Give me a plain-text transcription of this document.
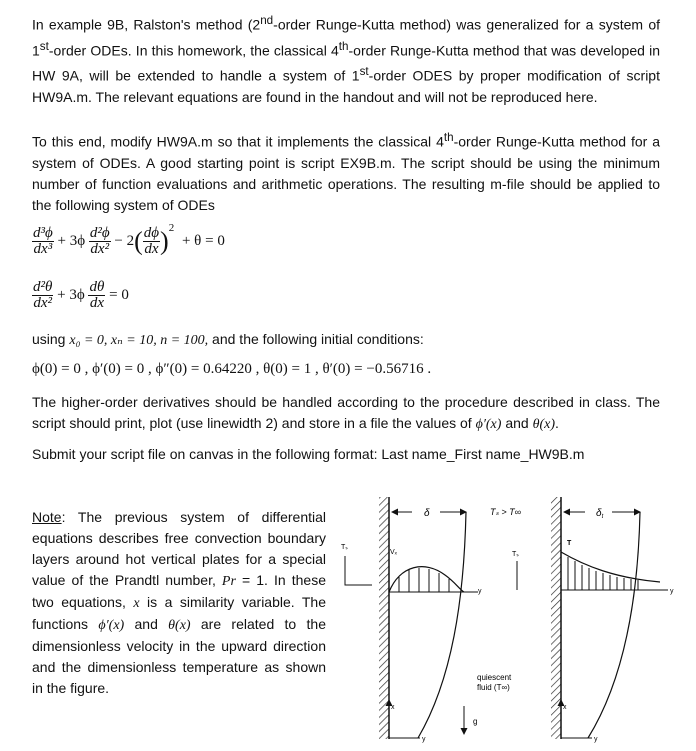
In example 9B, Ralston's method (2nd-order Runge-Kutta method) was generalized for a system of 1st-order ODEs. In this homework, the classical 4th-order Runge-Kutta method that was developed in HW 9A, will be extended to handle a system of 1st-order ODES by proper modification of script HW9A.m. The relevant equations are found in the handout and will not be reproduced here.

To this end, modify HW9A.m so that it implements the classical 4th-order Runge-Kutta method for a system of ODEs. A good starting point is script EX9B.m. The script should be using the minimum number of function evaluations and arithmetic operations. The resulting m-file should be applied to the following system of ODEs

$\frac{\text{d³ϕ}}{\text{dx³}} + 3\phi \frac{\text{d²ϕ}}{\text{dx²}} - 2( \frac{d\phi}{dx} )^2 + \theta = 0$
$\frac{\text{d²θ}}{\text{dx²}} + 3\phi \frac{d\theta}{dx} = 0$

using x₀ = 0, xₙ = 10, n = 100, and the following initial conditions:

ϕ(0) = 0 , ϕ′(0) = 0 , ϕ″(0) = 0.64220 , θ(0) = 1 , θ′(0) = −0.56716 .

The higher-order derivatives should be handled according to the procedure described in class. The script should print, plot (use linewidth 2) and store in a file the values of ϕ′(x) and θ(x).

Submit your script file on canvas in the following format: Last name_First name_HW9B.m

Note: The previous system of differential equations describes free convection boundary layers around hot vertical plates for a special value of the Prandtl number, Pr = 1. In these two equations, x is a similarity variable. The functions ϕ′(x) and θ(x) are related to the dimensionless velocity in the upward direction and the dimensionless temperature as shown in the figure.

δ
Tₛ
Vₓ
y
x
y
Tₛ > T∞
quiescent
fluid (T∞)
g
$\delta_t$
Tₛ
T
y
x
y
